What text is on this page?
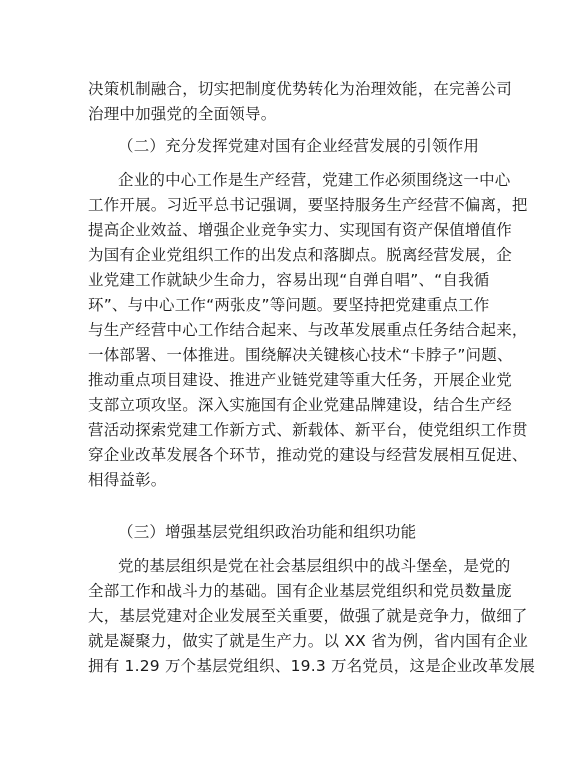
决策机制融合，切实把制度优势转化为治理效能，在完善公司
治理中加强党的全面领导。
（二）充分发挥党建对国有企业经营发展的引领作用
企业的中心工作是生产经营，党建工作必须围绕这一中心
工作开展。习近平总书记强调，要坚持服务生产经营不偏离，把
提高企业效益、增强企业竞争实力、实现国有资产保值增值作
为国有企业党组织工作的出发点和落脚点。脱离经营发展，企
业党建工作就缺少生命力，容易出现“自弹自唱”、“自我循
环”、与中心工作“两张皮”等问题。要坚持把党建重点工作
与生产经营中心工作结合起来、与改革发展重点任务结合起来，
一体部署、一体推进。围绕解决关键核心技术“卡脖子”问题、
推动重点项目建设、推进产业链党建等重大任务，开展企业党
支部立项攻坚。深入实施国有企业党建品牌建设，结合生产经
营活动探索党建工作新方式、新载体、新平台，使党组织工作贯
穿企业改革发展各个环节，推动党的建设与经营发展相互促进、
相得益彰。
（三）增强基层党组织政治功能和组织功能
党的基层组织是党在社会基层组织中的战斗堡垒，是党的
全部工作和战斗力的基础。国有企业基层党组织和党员数量庞
大，基层党建对企业发展至关重要，做强了就是竞争力，做细了
就是凝聚力，做实了就是生产力。以 XX 省为例，省内国有企业
拥有 1.29 万个基层党组织、19.3 万名党员，这是企业改革发展
